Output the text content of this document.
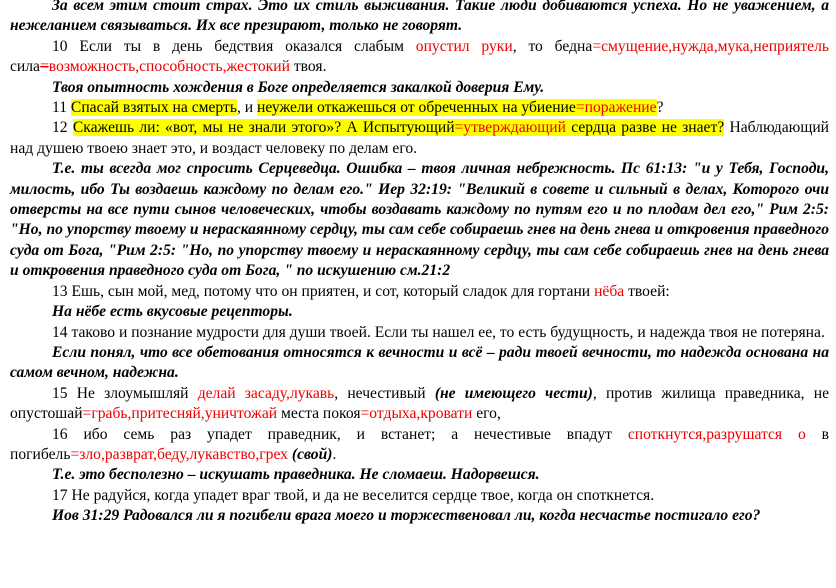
За всем этим стоит страх. Это их стиль выживания. Такие люди добиваются успеха. Но не уважением, а нежеланием связываться. Их все презирают, только не говорят.

10 Если ты в день бедствия оказался слабым опустил руки, то бедна=смущение,нужда,мука,неприятель сила=возможность,способность,жестокий твоя.

Твоя опытность хождения в Боге определяется закалкой доверия Ему.

11 Спасай взятых на смерть, и неужели откажешься от обреченных на убиение=поражение?

12 Скажешь ли: «вот, мы не знали этого»? А Испытующий=утверждающий сердца разве не знает? Наблюдающий над душею твоею знает это, и воздаст человеку по делам его.

Т.е. ты всегда мог спросить Серцеведца. Ошибка – твоя личная небрежность. Пс 61:13: "и у Тебя, Господи, милость, ибо Ты воздаешь каждому по делам его." Иер 32:19: "Великий в совете и сильный в делах, Которого очи отверсты на все пути сынов человеческих, чтобы воздавать каждому по путям его и по плодам дел его," Рим 2:5: "Но, по упорству твоему и нераскаянному сердцу, ты сам себе собираешь гнев на день гнева и откровения праведного суда от Бога, "Рим 2:5: "Но, по упорству твоему и нераскаянному сердцу, ты сам себе собираешь гнев на день гнева и откровения праведного суда от Бога, " по искушению см.21:2

13 Ешь, сын мой, мед, потому что он приятен, и сот, который сладок для гортани нёба твоей:

На нёбе есть вкусовые рецепторы.

14 таково и познание мудрости для души твоей. Если ты нашел ее, то есть будущность, и надежда твоя не потеряна.

Если понял, что все обетования относятся к вечности и всё – ради твоей вечности, то надежда основана на самом вечном, надежна.

15 Не злоумышляй делай засаду,лукавь, нечестивый (не имеющего чести), против жилища праведника, не опустошай=грабь,притесняй,уничтожай места покоя=отдыха,кровати его,

16 ибо семь раз упадет праведник, и встанет; а нечестивые впадут споткнутся,разрушатся о в погибель=зло,разврат,беду,лукавство,грех (свой).

Т.е. это бесполезно – искушать праведника. Не сломаеш. Надорвешся.

17 Не радуйся, когда упадет враг твой, и да не веселится сердце твое, когда он споткнется.

Иов 31:29 Радовался ли я погибели врага моего и торжественовал ли, когда несчастье постигало его?
